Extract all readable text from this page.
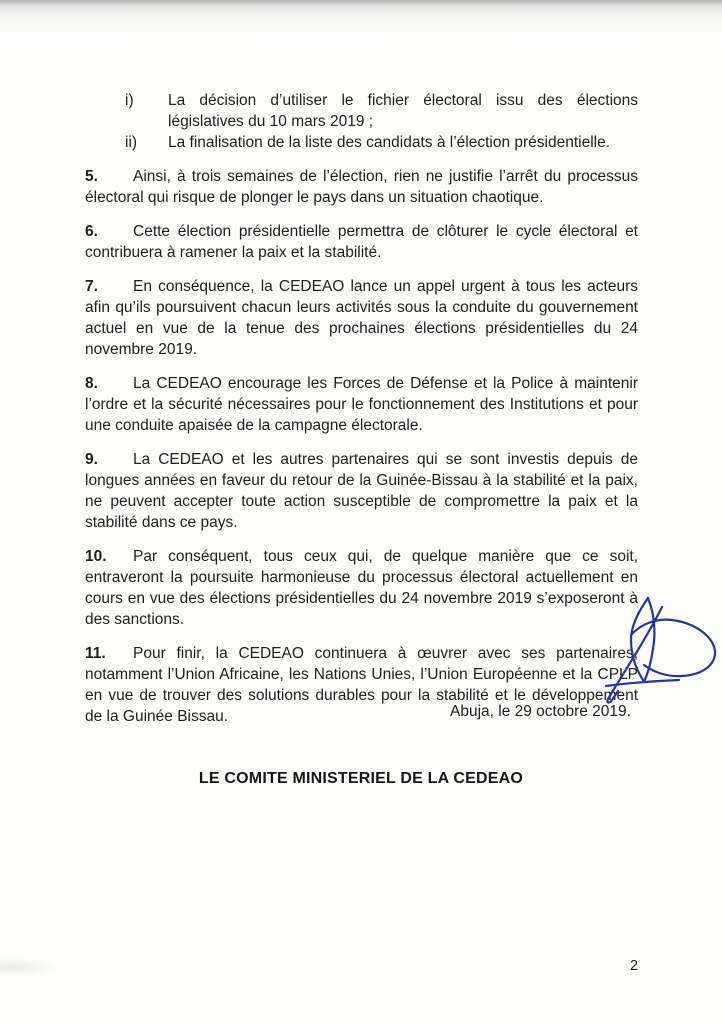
i)	La décision d’utiliser le fichier électoral issu des élections législatives du 10 mars 2019 ;
ii)	La finalisation de la liste des candidats à l’élection présidentielle.

5. Ainsi, à trois semaines de l’élection, rien ne justifie l’arrêt du processus électoral qui risque de plonger le pays dans un situation chaotique.

6. Cette élection présidentielle permettra de clôturer le cycle électoral et contribuera à ramener la paix et la stabilité.

7. En conséquence, la CEDEAO lance un appel urgent à tous les acteurs afin qu’ils poursuivent chacun leurs activités sous la conduite du gouvernement actuel en vue de la tenue des prochaines élections présidentielles du 24 novembre 2019.

8. La CEDEAO encourage les Forces de Défense et la Police à maintenir l’ordre et la sécurité nécessaires pour le fonctionnement des Institutions et pour une conduite apaisée de la campagne électorale.

9. La CEDEAO et les autres partenaires qui se sont investis depuis de longues années en faveur du retour de la Guinée-Bissau à la stabilité et la paix, ne peuvent accepter toute action susceptible de compromettre la paix et la stabilité dans ce pays.

10. Par conséquent, tous ceux qui, de quelque manière que ce soit, entraveront la poursuite harmonieuse du processus électoral actuellement en cours en vue des élections présidentielles du 24 novembre 2019 s’exposeront à des sanctions.

11. Pour finir, la CEDEAO continuera à œuvrer avec ses partenaires, notamment l’Union Africaine, les Nations Unies, l’Union Européenne et la CPLP en vue de trouver des solutions durables pour la stabilité et le développement de la Guinée Bissau.	Abuja, le 29 octobre 2019.
LE COMITE MINISTERIEL DE LA CEDEAO
2
